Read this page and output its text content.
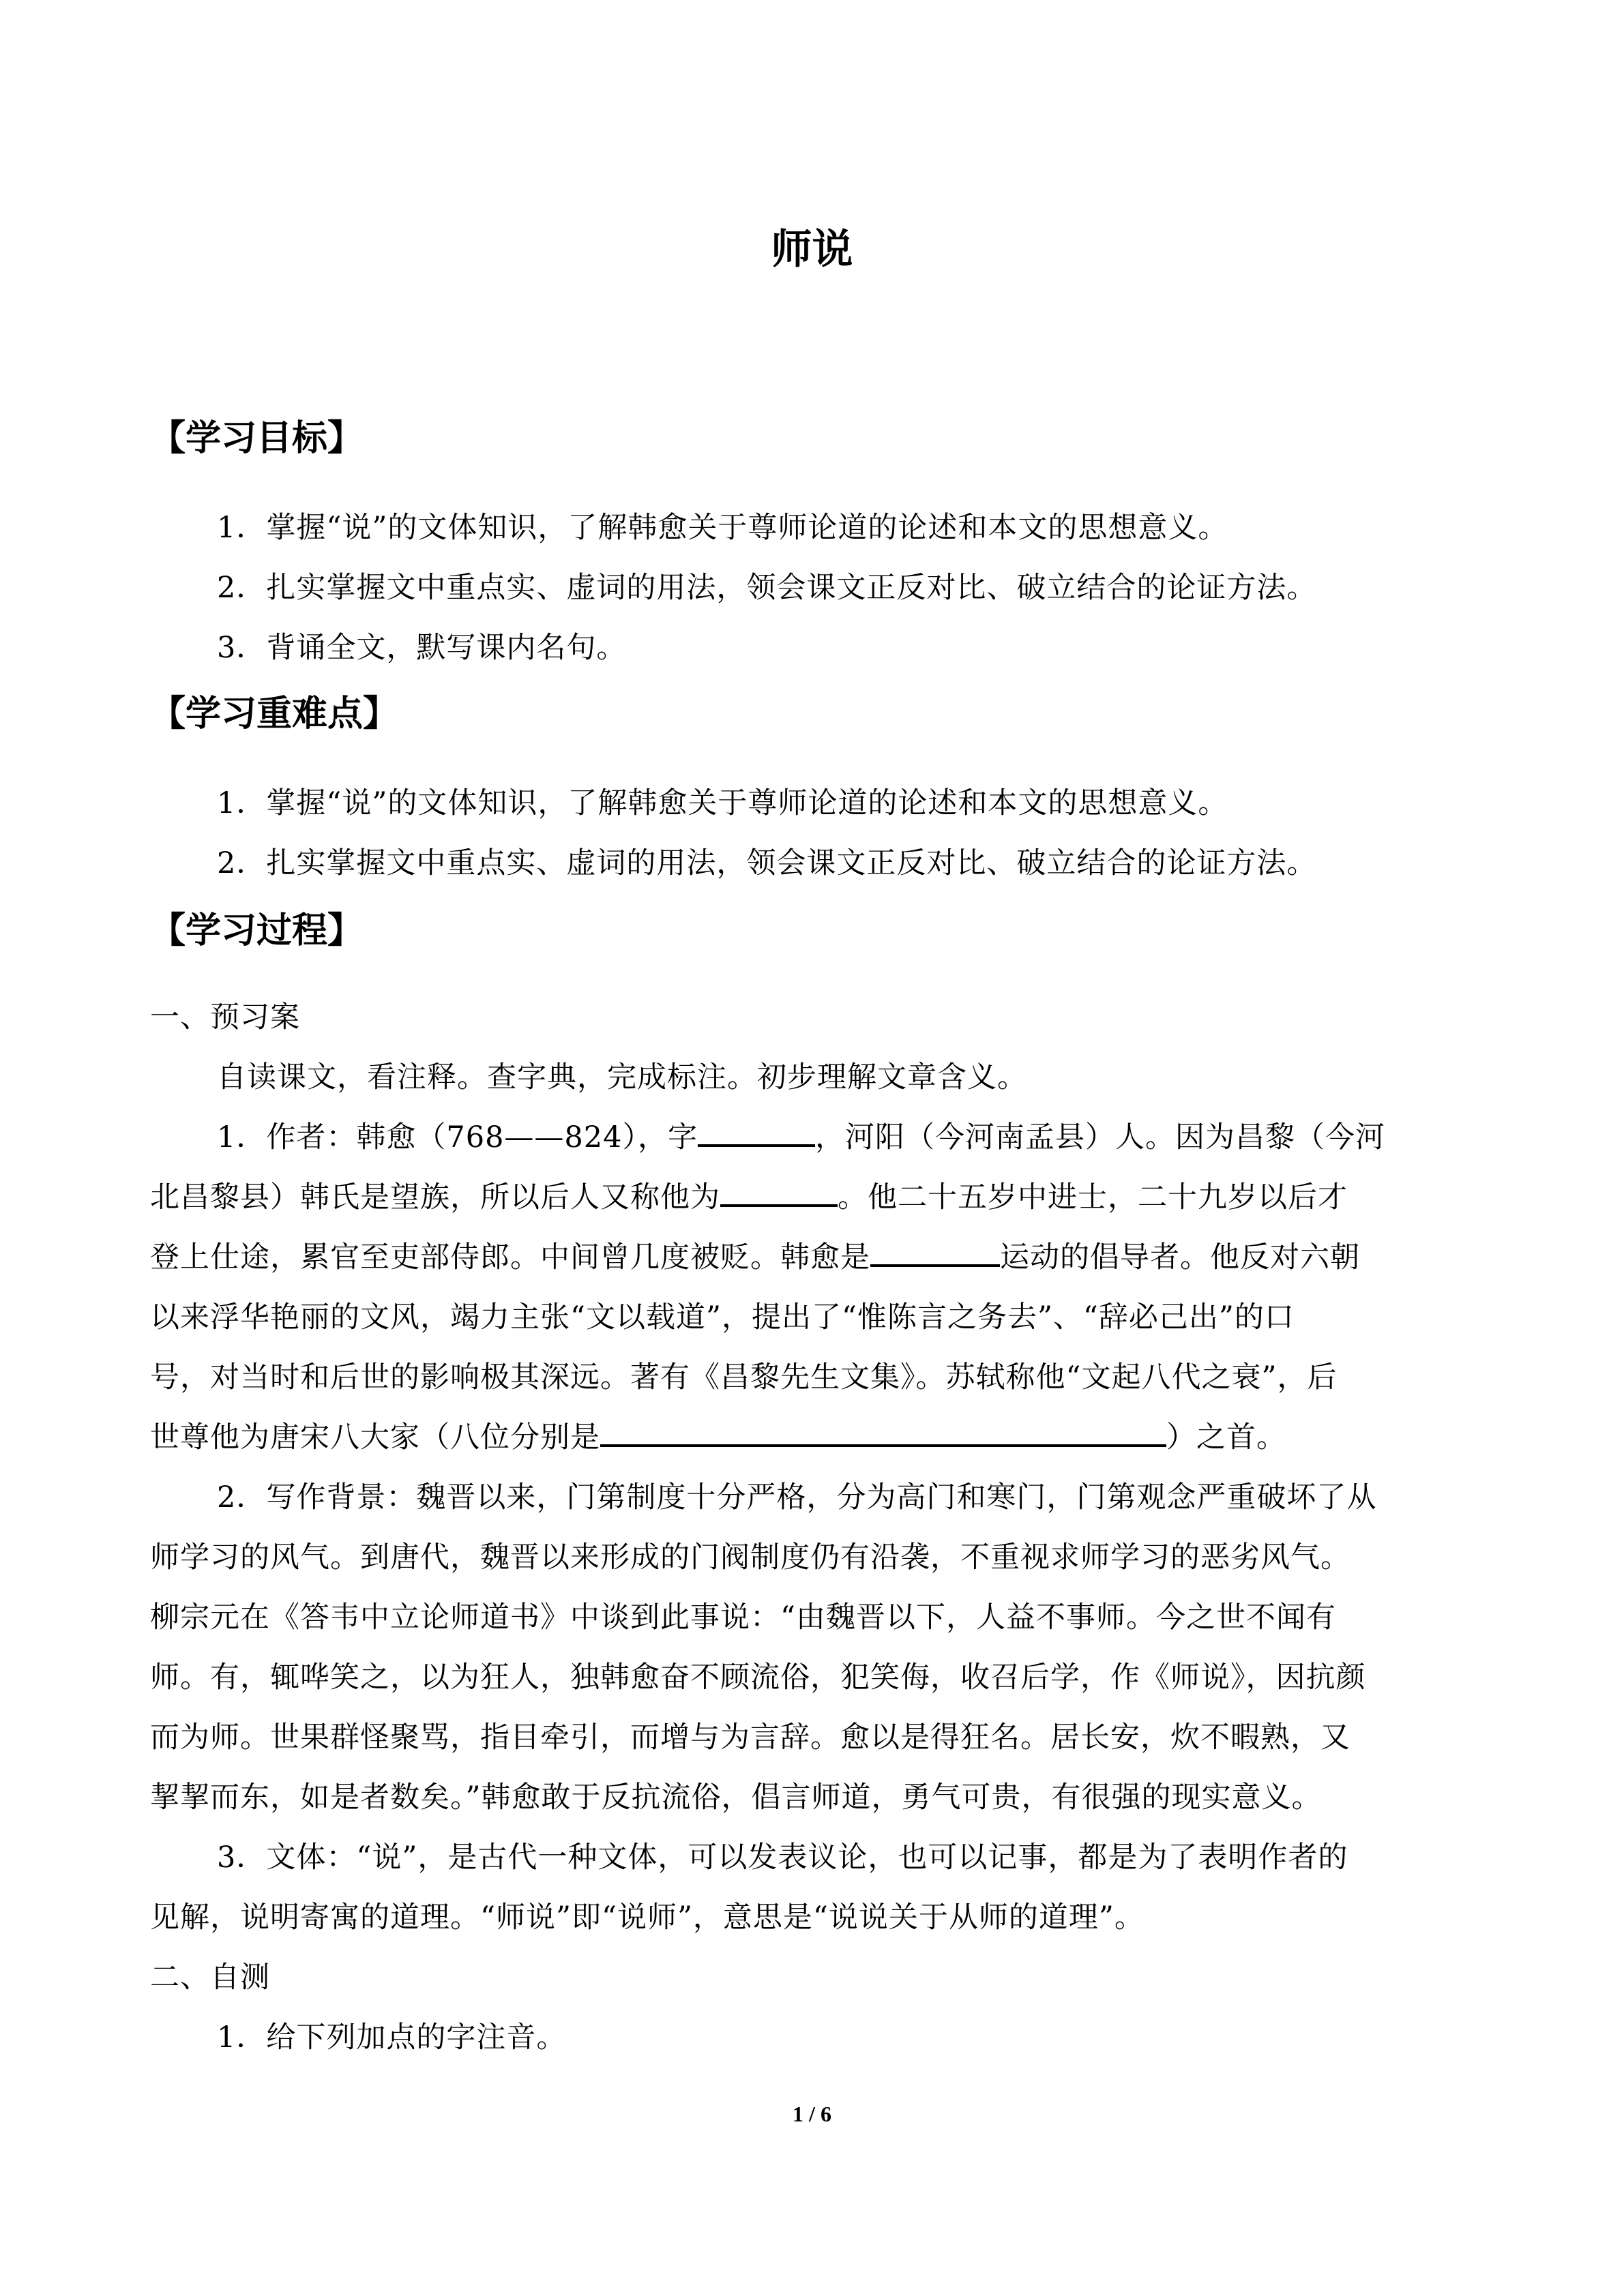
师说
【学习目标】
1．掌握“说”的文体知识，了解韩愈关于尊师论道的论述和本文的思想意义。
2．扎实掌握文中重点实、虚词的用法，领会课文正反对比、破立结合的论证方法。
3．背诵全文，默写课内名句。
【学习重难点】
1．掌握“说”的文体知识，了解韩愈关于尊师论道的论述和本文的思想意义。
2．扎实掌握文中重点实、虚词的用法，领会课文正反对比、破立结合的论证方法。
【学习过程】
一、预习案
自读课文，看注释。查字典，完成标注。初步理解文章含义。
1．作者：韩愈（768——824），字	，河阳（今河南孟县）人。因为昌黎（今河
北昌黎县）韩氏是望族，所以后人又称他为	。他二十五岁中进士，二十九岁以后才
登上仕途，累官至吏部侍郎。中间曾几度被贬。韩愈是	运动的倡导者。他反对六朝
以来浮华艳丽的文风，竭力主张“文以载道”，提出了“惟陈言之务去”、“辞必己出”的口
号，对当时和后世的影响极其深远。著有《昌黎先生文集》。苏轼称他“文起八代之衰”，后
世尊他为唐宋八大家（八位分别是	）之首。
2．写作背景：魏晋以来，门第制度十分严格，分为高门和寒门，门第观念严重破坏了从
师学习的风气。到唐代，魏晋以来形成的门阀制度仍有沿袭，不重视求师学习的恶劣风气。
柳宗元在《答韦中立论师道书》中谈到此事说：“由魏晋以下，人益不事师。今之世不闻有
师。有，辄哗笑之，以为狂人，独韩愈奋不顾流俗，犯笑侮，收召后学，作《师说》，因抗颜
而为师。世果群怪聚骂，指目牵引，而增与为言辞。愈以是得狂名。居长安，炊不暇熟，又
挈挈而东，如是者数矣。”韩愈敢于反抗流俗，倡言师道，勇气可贵，有很强的现实意义。
3．文体：“说”，是古代一种文体，可以发表议论，也可以记事，都是为了表明作者的
见解，说明寄寓的道理。“师说”即“说师”，意思是“说说关于从师的道理”。
二、自测
1．给下列加点的字注音。
1 / 6
